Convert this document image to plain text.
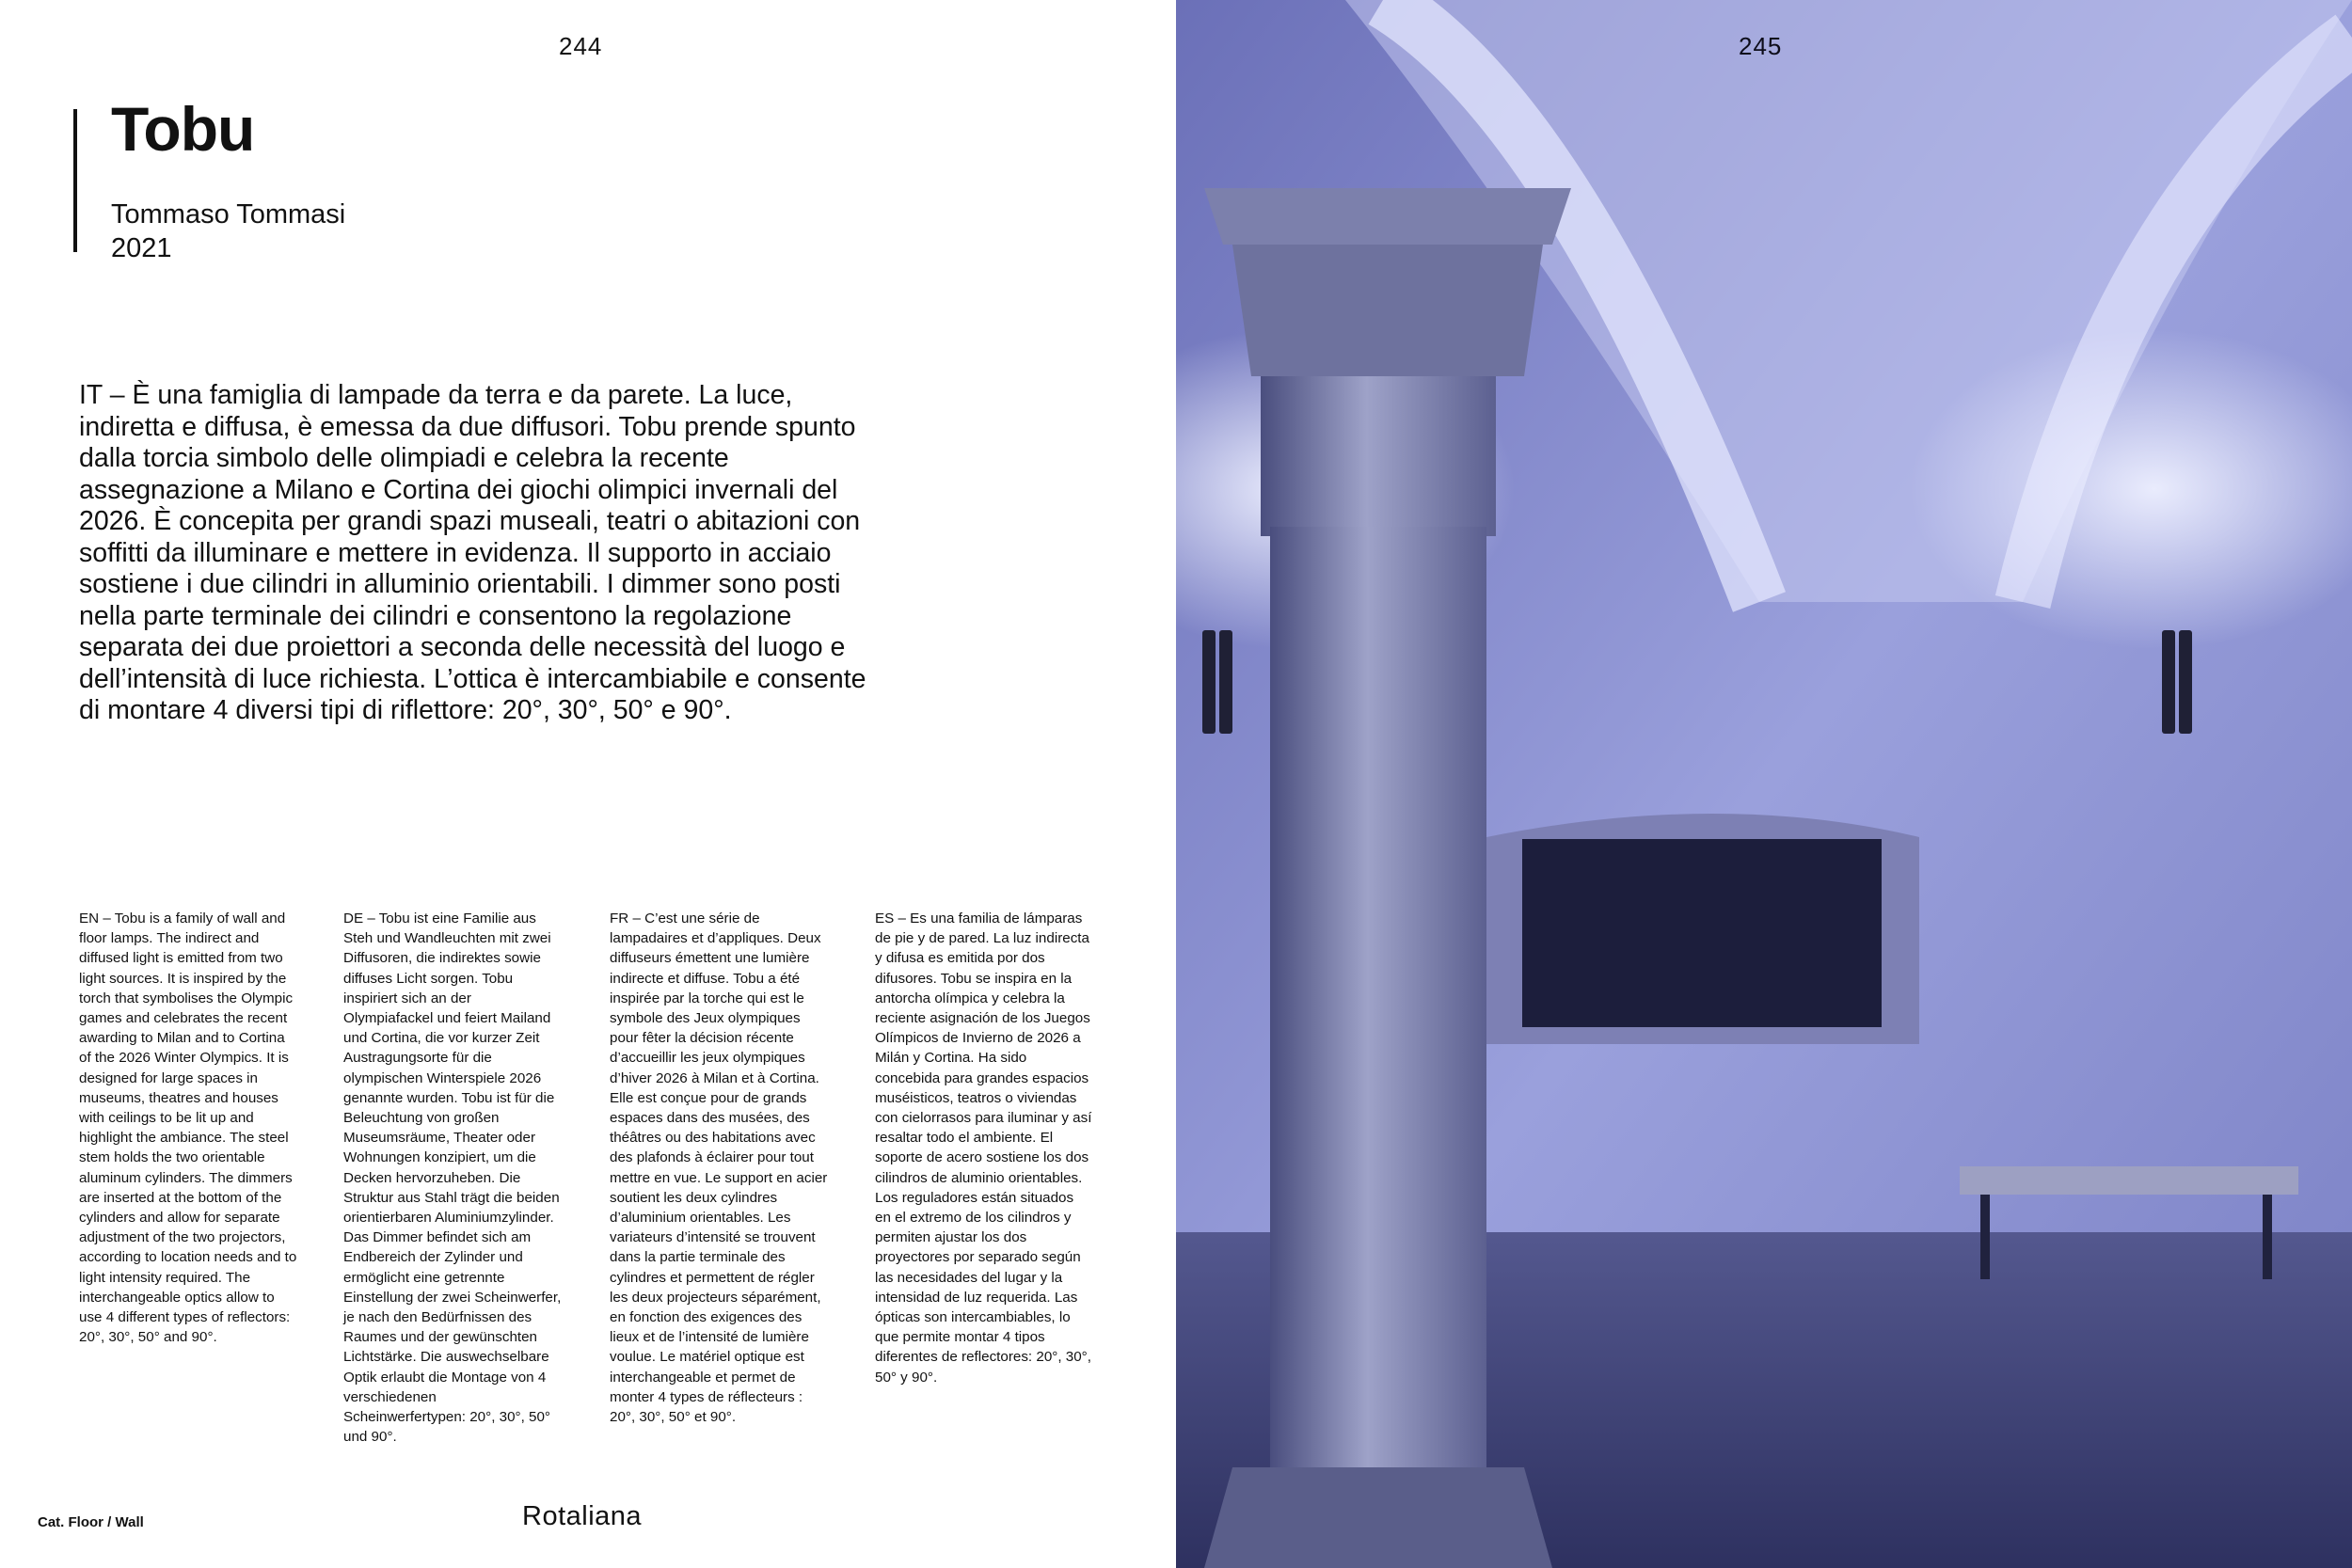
244
Tobu
Tommaso Tommasi
2021

IT – È una famiglia di lampade da terra e da parete. La luce, indiretta e diffusa, è emessa da due diffusori. Tobu prende spunto dalla torcia simbolo delle olimpiadi e celebra la recente assegnazione a Milano e Cortina dei giochi olimpici invernali del 2026. È concepita per grandi spazi museali, teatri o abitazioni con soffitti da illuminare e mettere in evidenza. Il supporto in acciaio sostiene i due cilindri in alluminio orientabili. I dimmer sono posti nella parte terminale dei cilindri e consentono la regolazione separata dei due proiettori a seconda delle necessità del luogo e dell’intensità di luce richiesta. L’ottica è intercambiabile e consente di montare 4 diversi tipi di riflettore: 20°, 30°, 50° e 90°.

EN – Tobu is a family of wall and floor lamps. The indirect and diffused light is emitted from two light sources. It is inspired by the torch that symbolises the Olympic games and celebrates the recent awarding to Milan and to Cortina of the 2026 Winter Olympics. It is designed for large spaces in museums, theatres and houses with ceilings to be lit up and highlight the ambiance. The steel stem holds the two orientable aluminum cylinders. The dimmers are inserted at the bottom of the cylinders and allow for separate adjustment of the two projectors, according to location needs and to light intensity required. The interchangeable optics allow to use 4 different types of reflectors: 20°, 30°, 50° and 90°.

DE – Tobu ist eine Familie aus Steh und Wandleuchten mit zwei Diffusoren, die indirektes sowie diffuses Licht sorgen. Tobu inspiriert sich an der Olympiafackel und feiert Mailand und Cortina, die vor kurzer Zeit Austragungsorte für die olympischen Winterspiele 2026 genannte wurden. Tobu ist für die Beleuchtung von großen Museumsräume, Theater oder Wohnungen konzipiert, um die Decken hervorzuheben. Die Struktur aus Stahl trägt die beiden orientierbaren Aluminiumzylinder. Das Dimmer befindet sich am Endbereich der Zylinder und ermöglicht eine getrennte Einstellung der zwei Scheinwerfer, je nach den Bedürfnissen des Raumes und der gewünschten Lichtstärke. Die auswechselbare Optik erlaubt die Montage von 4 verschiedenen Scheinwerfertypen: 20°, 30°, 50° und 90°.

FR – C’est une série de lampadaires et d’appliques. Deux diffuseurs émettent une lumière indirecte et diffuse. Tobu a été inspirée par la torche qui est le symbole des Jeux olympiques pour fêter la décision récente d’accueillir les jeux olympiques d’hiver 2026 à Milan et à Cortina. Elle est conçue pour de grands espaces dans des musées, des théâtres ou des habitations avec des plafonds à éclairer pour tout mettre en vue. Le support en acier soutient les deux cylindres d’aluminium orientables. Les variateurs d’intensité se trouvent dans la partie terminale des cylindres et permettent de régler les deux projecteurs séparément, en fonction des exigences des lieux et de l’intensité de lumière voulue. Le matériel optique est interchangeable et permet de monter 4 types de réflecteurs : 20°, 30°, 50° et 90°.

ES – Es una familia de lámparas de pie y de pared. La luz indirecta y difusa es emitida por dos difusores. Tobu se inspira en la antorcha olímpica y celebra la reciente asignación de los Juegos Olímpicos de Invierno de 2026 a Milán y Cortina. Ha sido concebida para grandes espacios muséisticos, teatros o viviendas con cielorrasos para iluminar y así resaltar todo el ambiente. El soporte de acero sostiene los dos cilindros de aluminio orientables. Los reguladores están situados en el extremo de los cilindros y permiten ajustar los dos proyectores por separado según las necesidades del lugar y la intensidad de luz requerida. Las ópticas son intercambiables, lo que permite montar 4 tipos diferentes de reflectores: 20°, 30°, 50° y 90°.

Cat. Floor / Wall	Rotaliana
245
